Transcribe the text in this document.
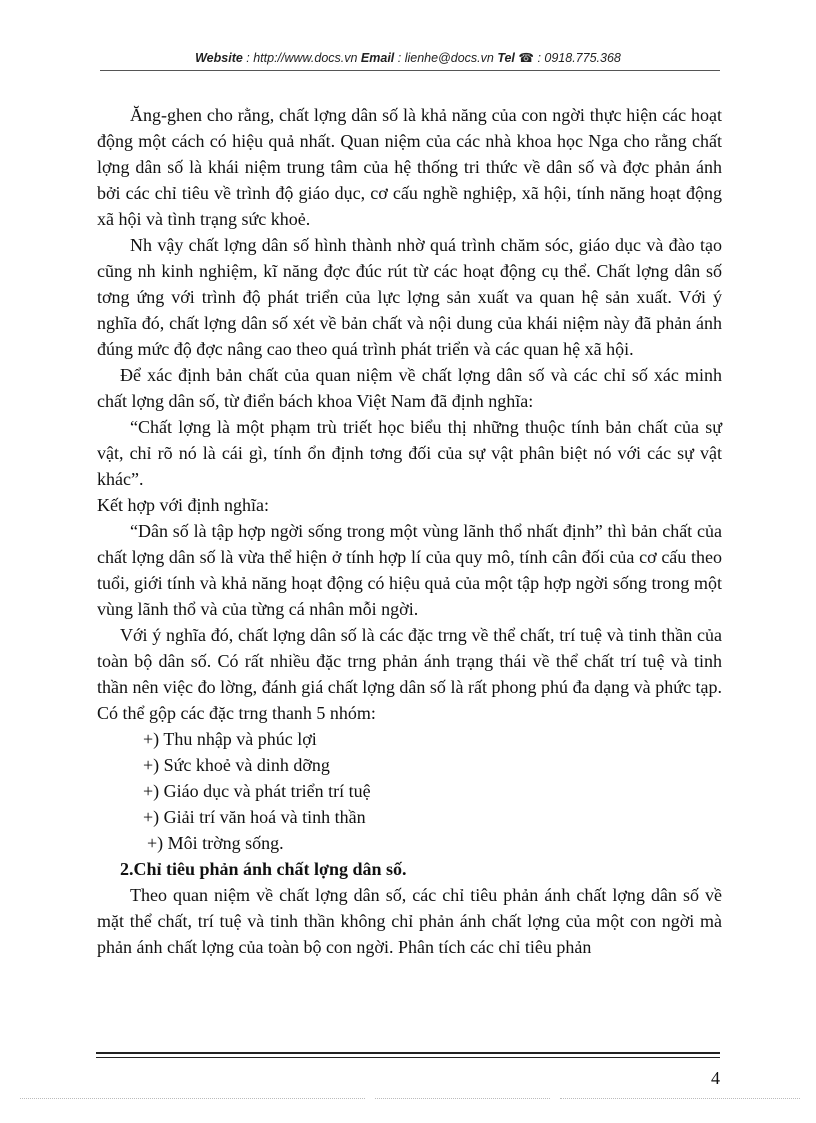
Website : http://www.docs.vn Email : lienhe@docs.vn Tel ☎ : 0918.775.368

Ăng-ghen cho rằng, chất lợng dân số là khả năng của con ngời thực hiện các hoạt động một cách có hiệu quả nhất. Quan niệm của các nhà khoa học Nga cho rằng chất lợng dân số là khái niệm trung tâm của hệ thống tri thức về dân số và đợc phản ánh bởi các chỉ tiêu về trình độ giáo dục, cơ cấu nghề nghiệp, xã hội, tính năng hoạt động xã hội và tình trạng sức khoẻ.

Nh vậy chất lợng dân số hình thành nhờ quá trình chăm sóc, giáo dục và đào tạo cũng nh kinh nghiệm, kĩ năng đợc đúc rút từ các hoạt động cụ thể. Chất lợng dân số tơng ứng với trình độ phát triển của lực lợng sản xuất va quan hệ sản xuất. Với ý nghĩa đó, chất lợng dân số xét về bản chất và nội dung của khái niệm này đã phản ánh đúng mức độ đợc nâng cao theo quá trình phát triển và các quan hệ xã hội.

Để xác định bản chất của quan niệm về chất lợng dân số và các chỉ số xác minh chất lợng dân số, từ điển bách khoa Việt Nam đã định nghĩa:

“Chất lợng là một phạm trù triết học biểu thị những thuộc tính bản chất của sự vật, chỉ rõ nó là cái gì, tính ổn định tơng đối của sự vật phân biệt nó với các sự vật khác”.

Kết hợp với định nghĩa:

“Dân số là tập hợp ngời sống trong một vùng lãnh thổ nhất định” thì bản chất của chất lợng dân số là vừa thể hiện ở tính hợp lí của quy mô, tính cân đối của cơ cấu theo tuổi, giới tính và khả năng hoạt động có hiệu quả của một tập hợp ngời sống trong một vùng lãnh thổ và của từng cá nhân mỗi ngời.

Với ý nghĩa đó, chất lợng dân số là các đặc trng về thể chất, trí tuệ và tinh thần của toàn bộ dân số. Có rất nhiều đặc trng phản ánh trạng thái về thể chất trí tuệ và tinh thần nên việc đo lờng, đánh giá chất lợng dân số là rất phong phú đa dạng và phức tạp. Có thể gộp các đặc trng thanh 5 nhóm:

+) Thu nhập và phúc lợi

+) Sức khoẻ và dinh dỡng

+) Giáo dục và phát triển trí tuệ

+) Giải trí văn hoá và tinh thần

+) Môi trờng sống.

2.Chỉ tiêu phản ánh chất lợng dân số.

Theo quan niệm về chất lợng dân số, các chỉ tiêu phản ánh chất lợng dân số về mặt thể chất, trí tuệ và tinh thần không chỉ phản ánh chất lợng của một con ngời mà phản ánh chất lợng của toàn bộ con ngời. Phân tích các chỉ tiêu phản

4
